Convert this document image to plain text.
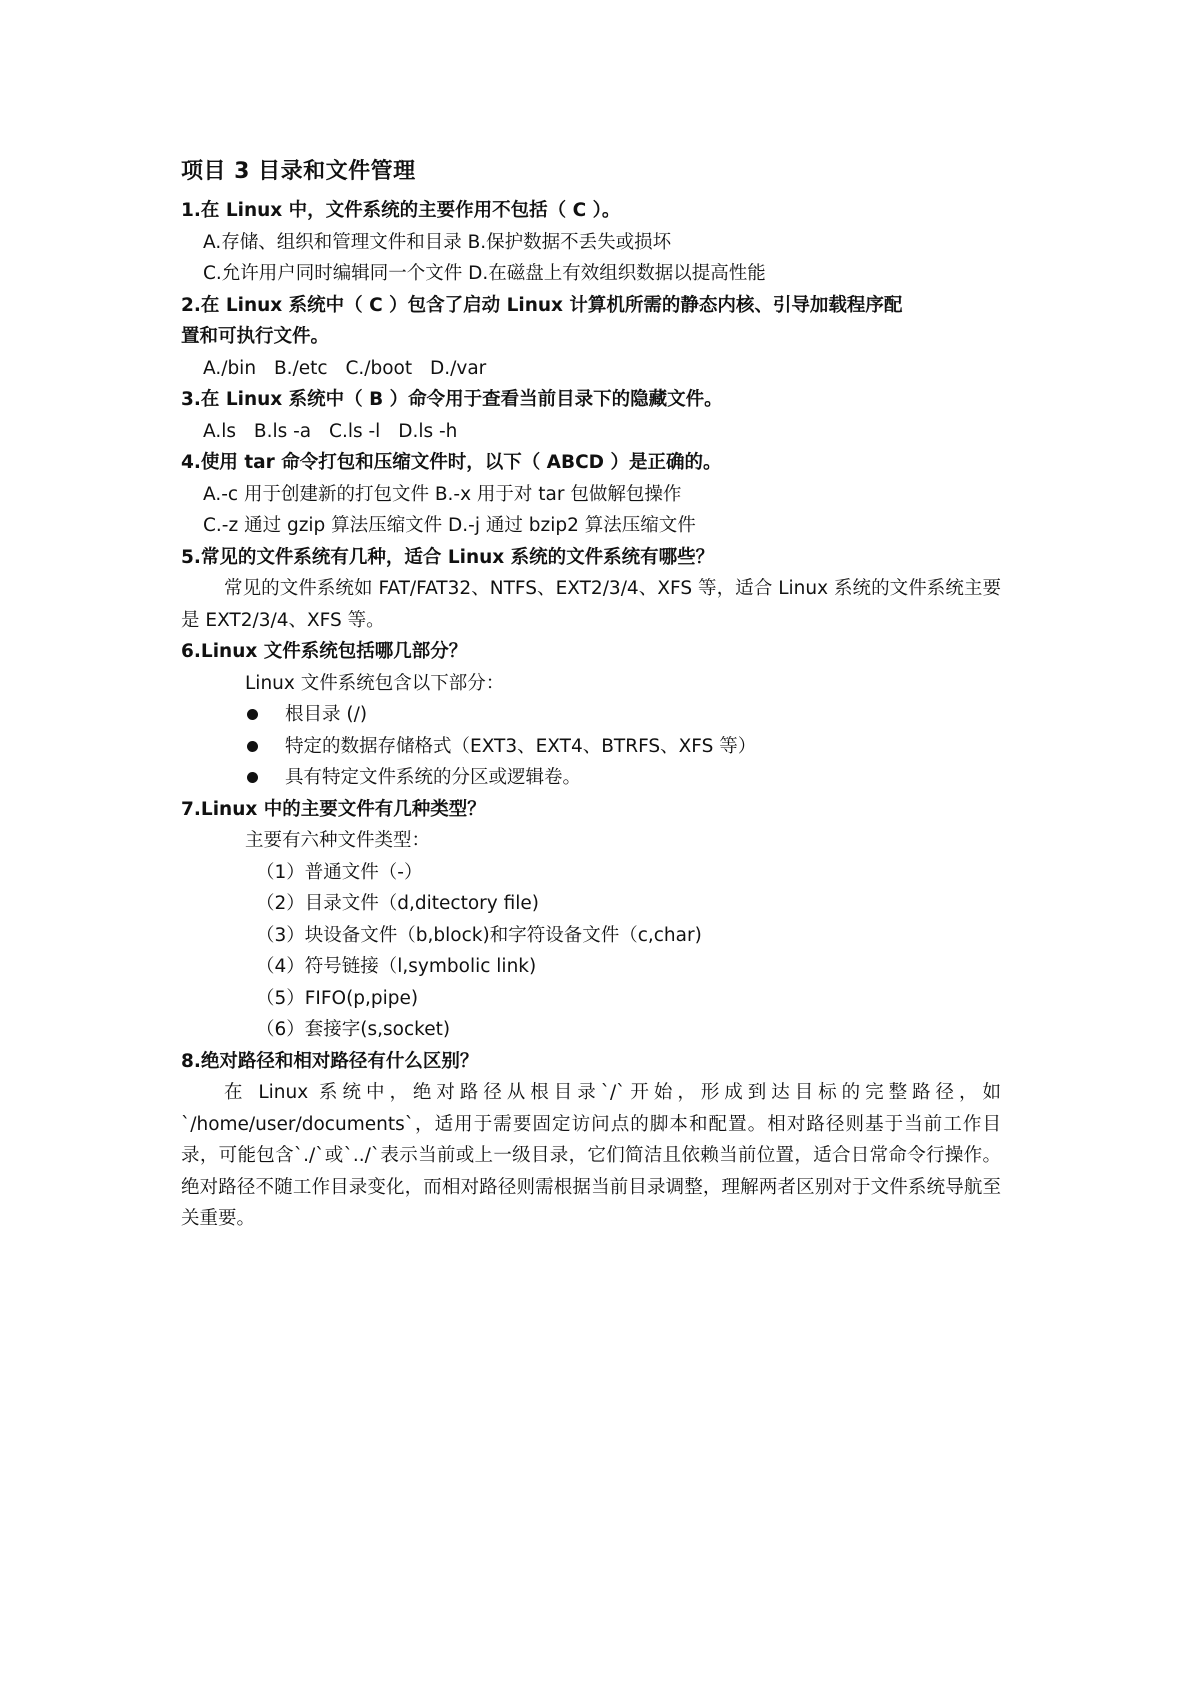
项目 3 目录和文件管理
1.在 Linux 中，文件系统的主要作用不包括（ C ）。
A.存储、组织和管理文件和目录 B.保护数据不丢失或损坏
C.允许用户同时编辑同一个文件 D.在磁盘上有效组织数据以提高性能
2.在 Linux 系统中（ C ）包含了启动 Linux 计算机所需的静态内核、引导加载程序配
置和可执行文件。
A./bin B./etc C./boot D./var
3.在 Linux 系统中（ B ）命令用于查看当前目录下的隐藏文件。
A.ls B.ls -a C.ls -l D.ls -h
4.使用 tar 命令打包和压缩文件时，以下（ ABCD ）是正确的。
A.-c 用于创建新的打包文件 B.-x 用于对 tar 包做解包操作
C.-z 通过 gzip 算法压缩文件 D.-j 通过 bzip2 算法压缩文件
5.常见的文件系统有几种，适合 Linux 系统的文件系统有哪些？
常见的文件系统如 FAT/FAT32、NTFS、EXT2/3/4、XFS 等，适合 Linux 系统的文件系统主要是 EXT2/3/4、XFS 等。
6.Linux 文件系统包括哪几部分？
Linux 文件系统包含以下部分：
根目录 (/)
特定的数据存储格式（EXT3、EXT4、BTRFS、XFS 等）
具有特定文件系统的分区或逻辑卷。
7.Linux 中的主要文件有几种类型？
主要有六种文件类型：
（1）普通文件（-）
（2）目录文件（d,ditectory file)
（3）块设备文件（b,block)和字符设备文件（c,char)
（4）符号链接（l,symbolic link)
（5）FIFO(p,pipe)
（6）套接字(s,socket)
8.绝对路径和相对路径有什么区别？
在 Linux 系统中，绝对路径从根目录`/`开始，形成到达目标的完整路径，如`/home/user/documents`，适用于需要固定访问点的脚本和配置。相对路径则基于当前工作目录，可能包含`./`或`../`表示当前或上一级目录，它们简洁且依赖当前位置，适合日常命令行操作。绝对路径不随工作目录变化，而相对路径则需根据当前目录调整，理解两者区别对于文件系统导航至关重要。
